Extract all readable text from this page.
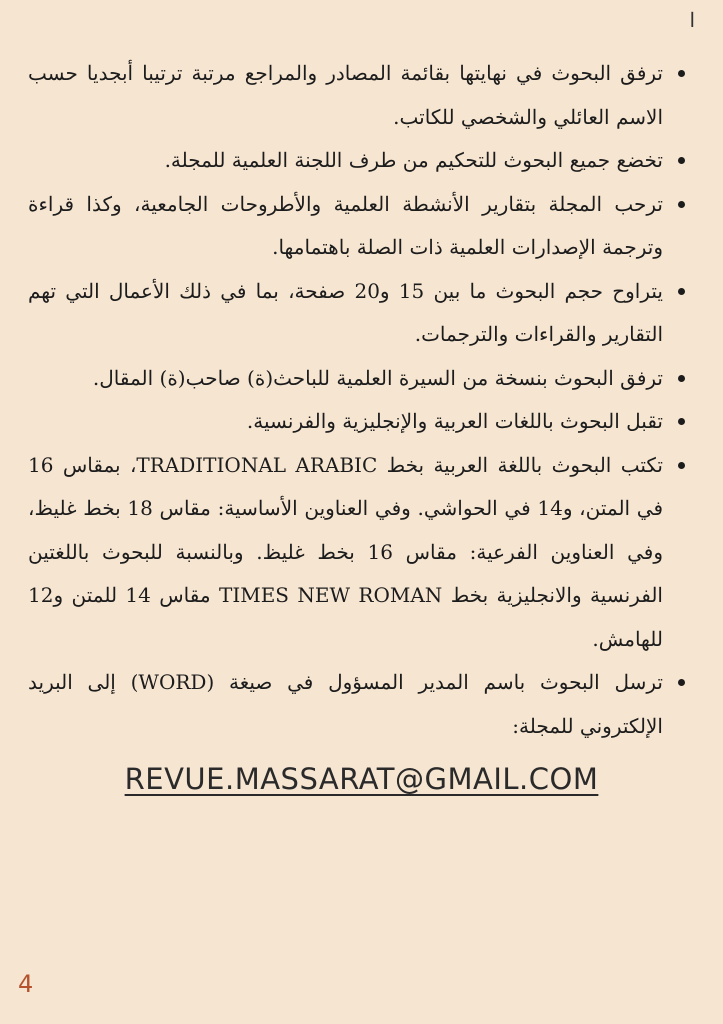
ا
ترفق البحوث في نهايتها بقائمة المصادر والمراجع مرتبة ترتيبا أبجديا حسب الاسم العائلي والشخصي للكاتب.
تخضع جميع البحوث للتحكيم من طرف اللجنة العلمية للمجلة.
ترحب المجلة بتقارير الأنشطة العلمية والأطروحات الجامعية، وكذا قراءة وترجمة الإصدارات العلمية ذات الصلة باهتمامها.
يتراوح حجم البحوث ما بين 15 و20 صفحة، بما في ذلك الأعمال التي تهم التقارير والقراءات والترجمات.
ترفق البحوث بنسخة من السيرة العلمية للباحث(ة) صاحب(ة) المقال.
تقبل البحوث باللغات العربية والإنجليزية والفرنسية.
تكتب البحوث باللغة العربية بخط TRADITIONAL ARABIC، بمقاس 16 في المتن، و14 في الحواشي. وفي العناوين الأساسية: مقاس 18 بخط غليظ، وفي العناوين الفرعية: مقاس 16 بخط غليظ. وبالنسبة للبحوث باللغتين الفرنسية والانجليزية بخط TIMES NEW ROMAN مقاس 14 للمتن و12 للهامش.
ترسل البحوث باسم المدير المسؤول في صيغة (WORD) إلى البريد الإلكتروني للمجلة:
REVUE.MASSARAT@GMAIL.COM
4
